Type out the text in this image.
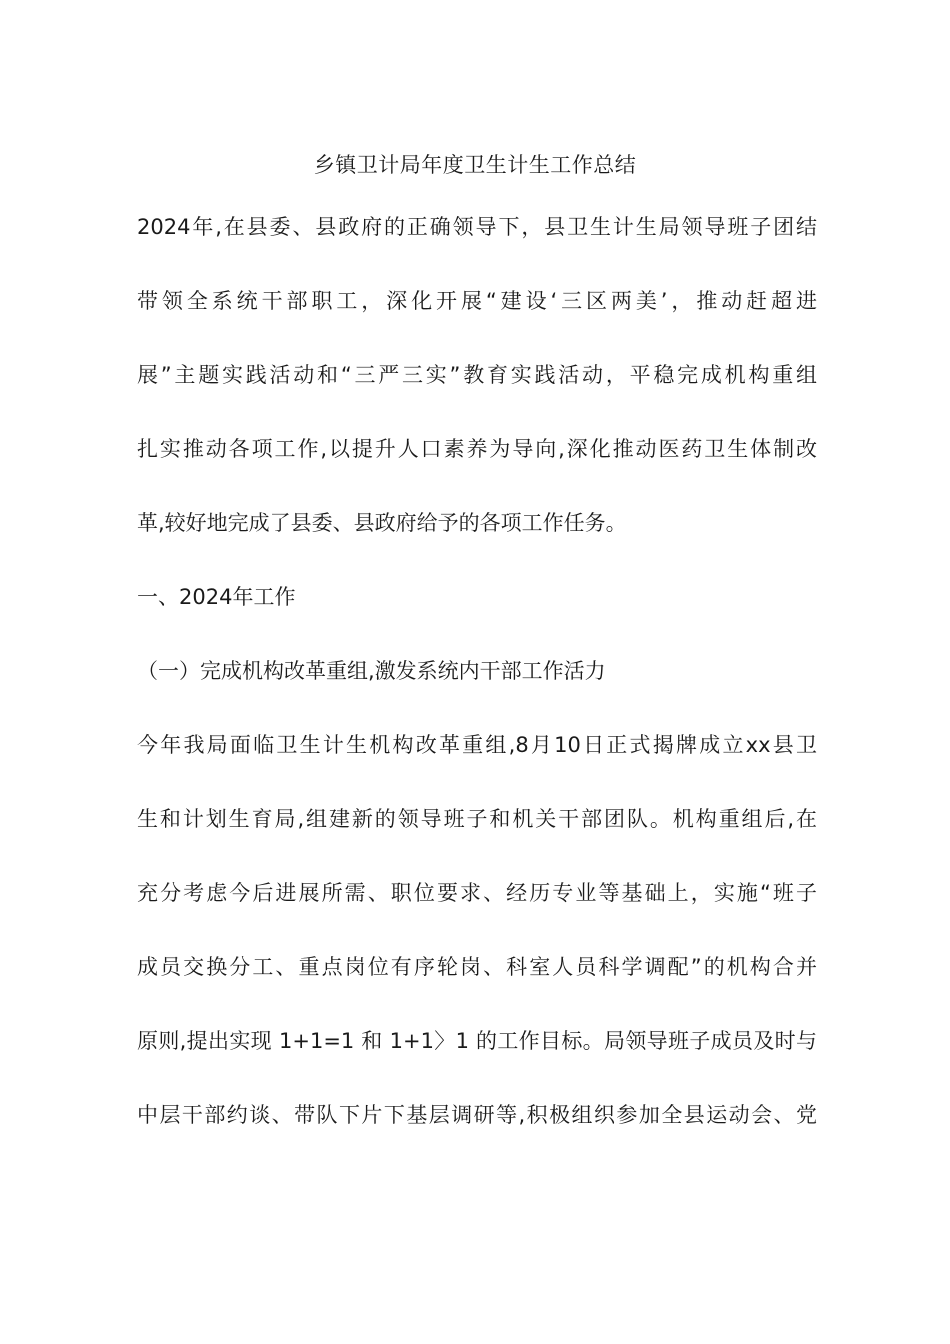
乡镇卫计局年度卫生计生工作总结
2024年,在县委、县政府的正确领导下，县卫生计生局领导班子团结
带领全系统干部职工，深化开展“建设‘三区两美’，推动赶超进
展”主题实践活动和“三严三实”教育实践活动，平稳完成机构重组
扎实推动各项工作,以提升人口素养为导向,深化推动医药卫生体制改
革,较好地完成了县委、县政府给予的各项工作任务。
一、2024年工作
（一）完成机构改革重组,激发系统内干部工作活力
今年我局面临卫生计生机构改革重组,8月10日正式揭牌成立xx县卫
生和计划生育局,组建新的领导班子和机关干部团队。机构重组后,在
充分考虑今后进展所需、职位要求、经历专业等基础上，实施“班子
成员交换分工、重点岗位有序轮岗、科室人员科学调配”的机构合并
原则,提出实现 1+1=1 和 1+1〉1 的工作目标。局领导班子成员及时与
中层干部约谈、带队下片下基层调研等,积极组织参加全县运动会、党
